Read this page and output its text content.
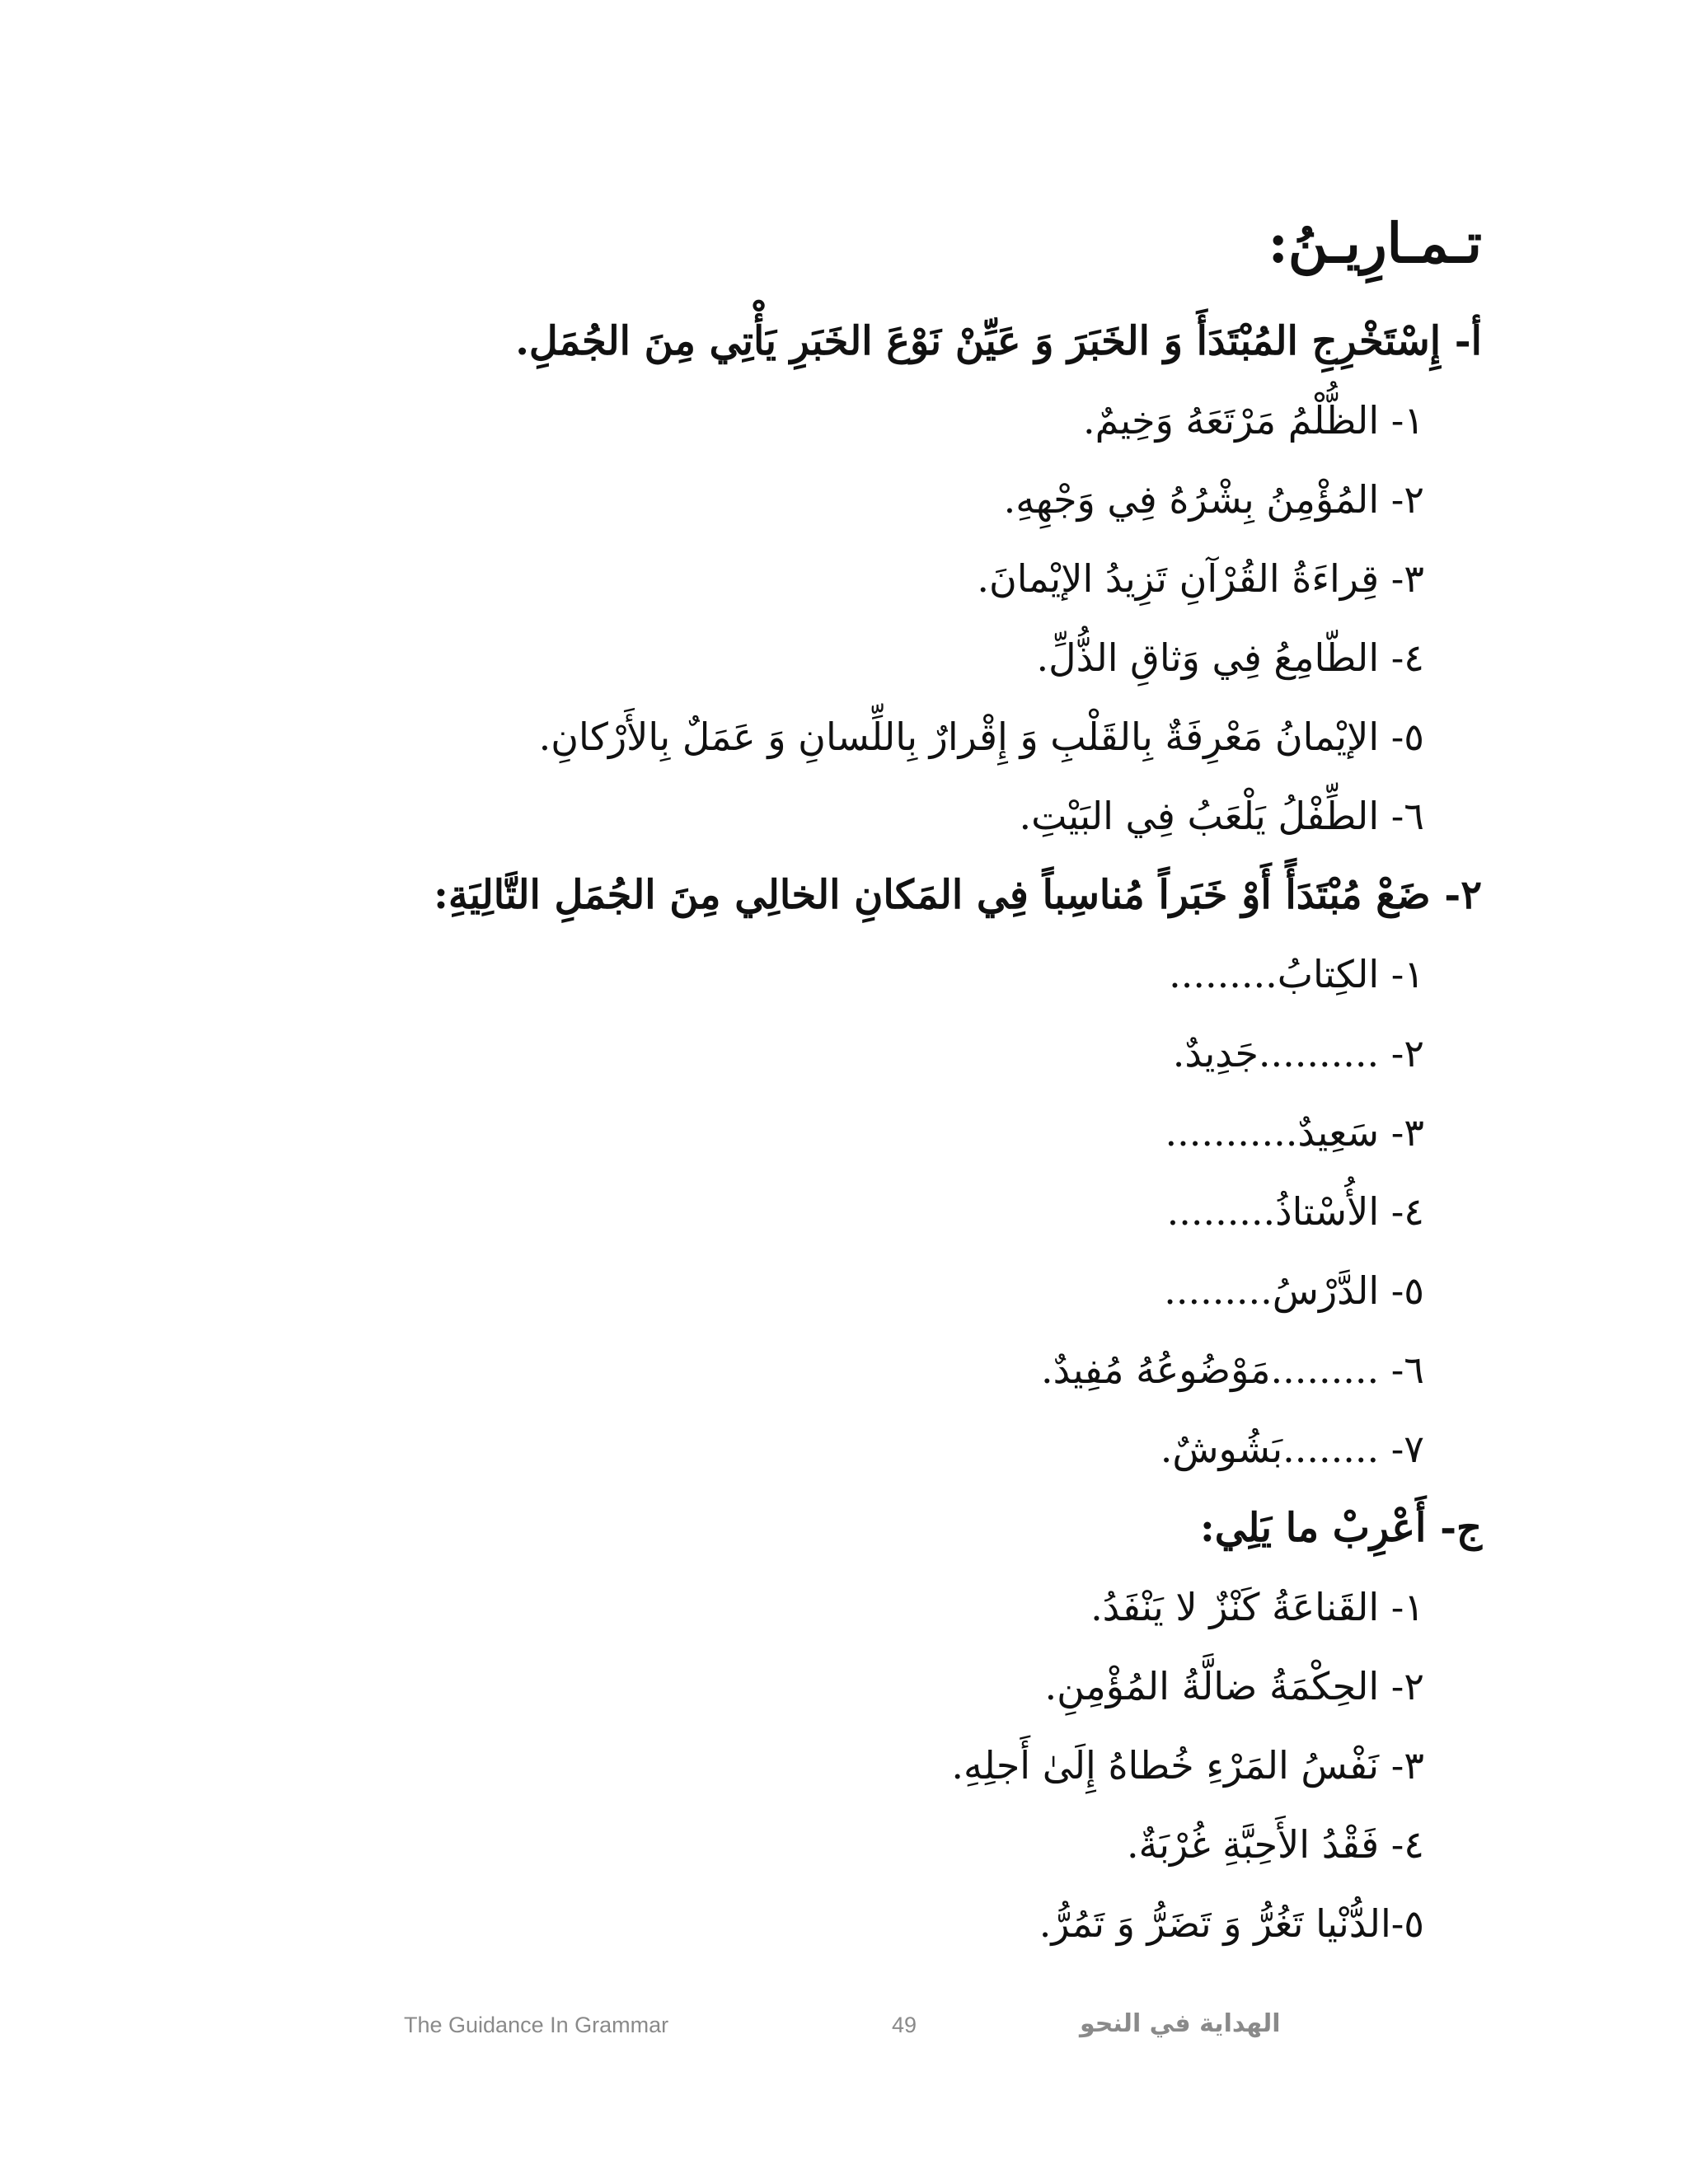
تـمـارِيـنُ:
أ- إِسْتَخْرِجِ المُبْتَدَأَ وَ الخَبَرَ وَ عَيِّنْ نَوْعَ الخَبَرِ يَأْتِي مِنَ الجُمَلِ.
١- الظُّلْمُ مَرْتَعَهُ وَخِيمٌ.
٢- المُؤْمِنُ بِشْرُهُ فِي وَجْهِهِ.
٣- قِراءَةُ القُرْآنِ تَزِيدُ الإيْمانَ.
٤- الطّامِعُ فِي وَثاقِ الذُّلِّ.
٥- الإيْمانُ مَعْرِفَةٌ بِالقَلْبِ وَ إِقْرارٌ بِاللِّسانِ وَ عَمَلٌ بِالأَرْكانِ.
٦- الطِّفْلُ يَلْعَبُ فِي البَيْتِ.
٢- ضَعْ مُبْتَدَأً أَوْ خَبَراً مُناسِباً فِي المَكانِ الخالِي مِنَ الجُمَلِ التَّالِيَةِ:
١- الكِتابُ.........
٢- ..........جَدِيدٌ.
٣- سَعِيدٌ...........
٤- الأُسْتاذُ.........
٥- الدَّرْسُ.........
٦- .........مَوْضُوعُهُ مُفِيدٌ.
٧- ........بَشُوشٌ.
ج- أَعْرِبْ ما يَلِي:
١- القَناعَةُ كَنْزٌ لا يَنْفَدُ.
٢- الحِكْمَةُ ضالَّةُ المُؤْمِنِ.
٣- نَفْسُ المَرْءِ خُطاهُ إِلَىٰ أَجلِهِ.
٤- فَقْدُ الأَحِبَّةِ غُرْبَةٌ.
٥-الدُّنْيا تَغُرُّ وَ تَضَرُّ وَ تَمُرُّ.
The Guidance In Grammar	49	الهداية في النحو
